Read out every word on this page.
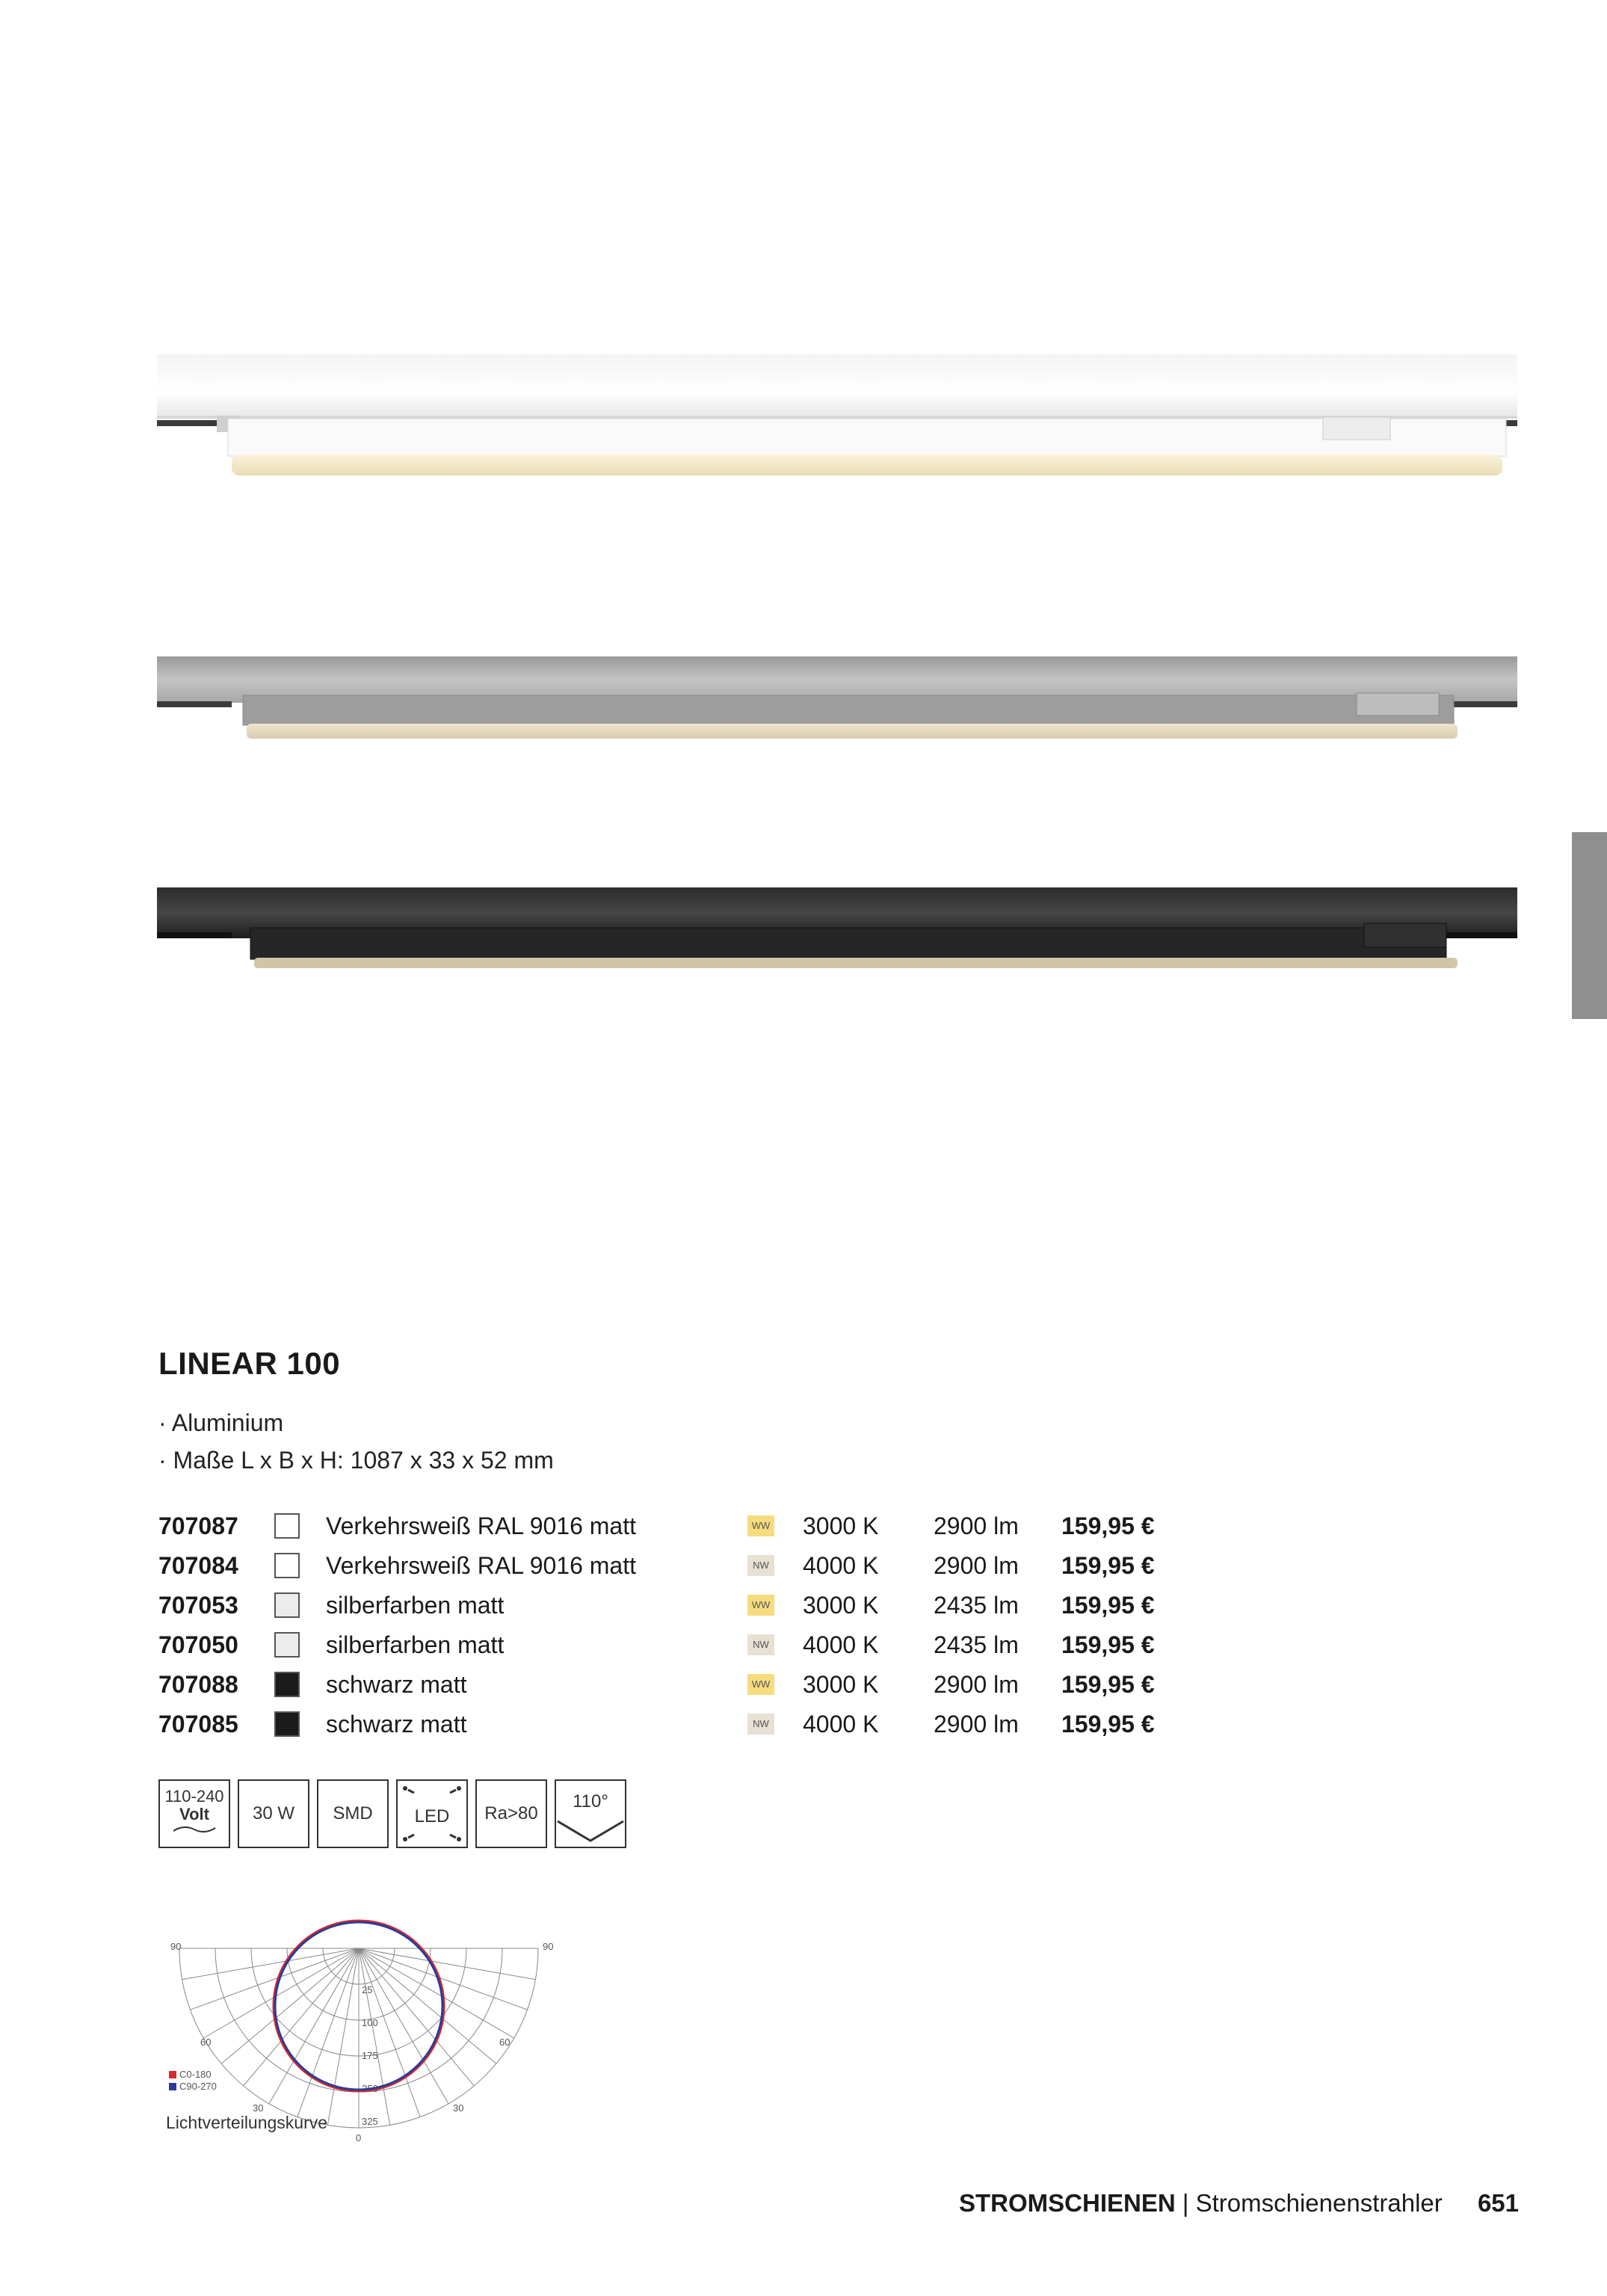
LINEAR 100
· Aluminium
· Maße L x B x H: 1087 x 33 x 52 mm
707087	Verkehrsweiß RAL 9016 matt	WW 3000 K 2900 lm 159,95 €
707084	Verkehrsweiß RAL 9016 matt	NW 4000 K 2900 lm 159,95 €
707053	silberfarben matt	WW 3000 K 2435 lm 159,95 €
707050	silberfarben matt	NW 4000 K 2435 lm 159,95 €
707088	schwarz matt	WW 3000 K 2900 lm 159,95 €
707085	schwarz matt	NW 4000 K 2900 lm 159,95 €
110-240
Volt	30 W	SMD	LED	Ra>80
110°
90	90
60	60
30	30
0
25
100
175
250
325
C0-180
C90-270
Lichtverteilungskurve
STROMSCHIENEN | Stromschienenstrahler 651
